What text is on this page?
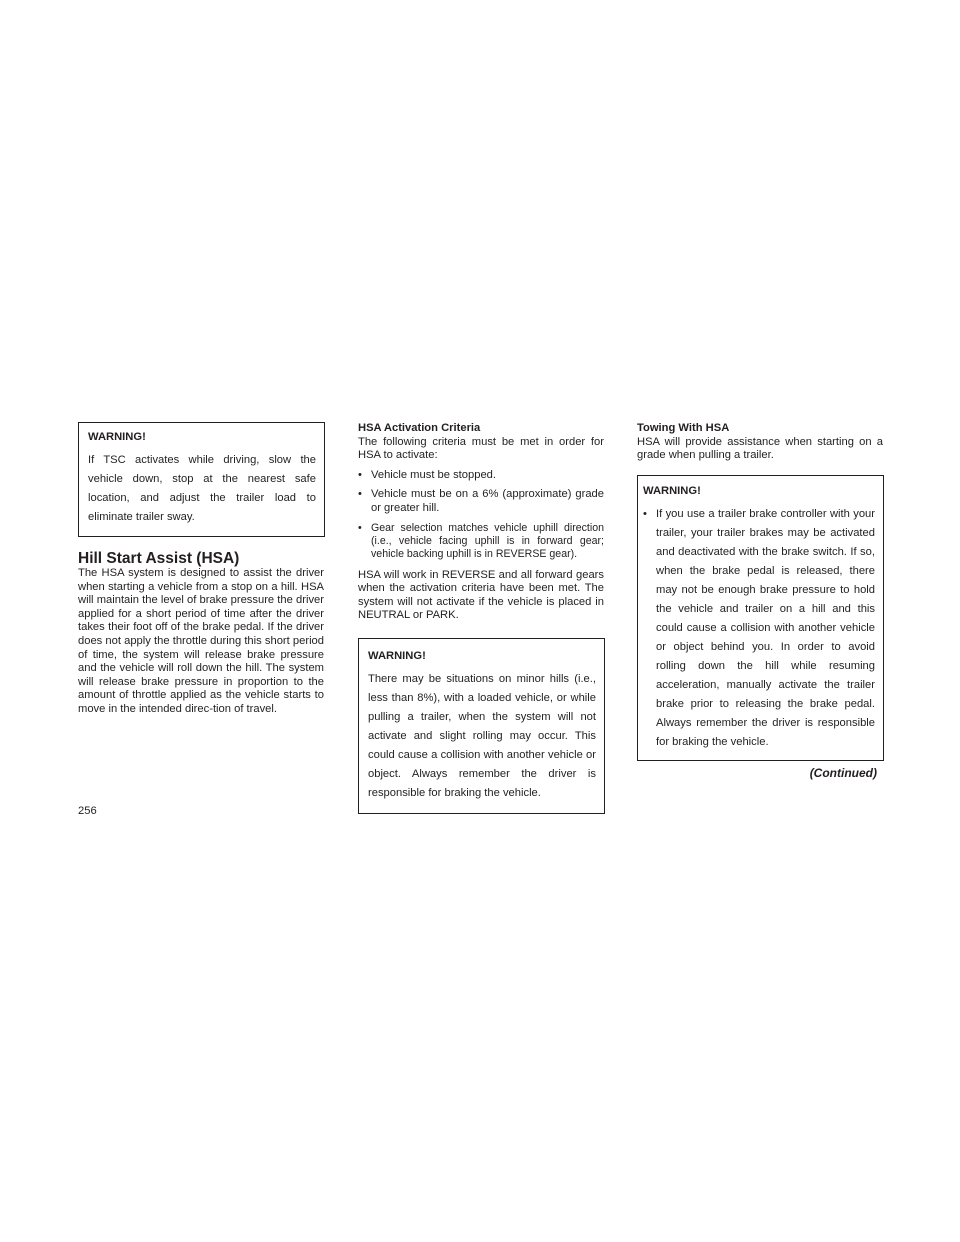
WARNING!
If TSC activates while driving, slow the vehicle down, stop at the nearest safe location, and adjust the trailer load to eliminate trailer sway.
Hill Start Assist (HSA)

The HSA system is designed to assist the driver when starting a vehicle from a stop on a hill. HSA will maintain the level of brake pressure the driver applied for a short period of time after the driver takes their foot off of the brake pedal. If the driver does not apply the throttle during this short period of time, the system will release brake pressure and the vehicle will roll down the hill. The system will release brake pressure in proportion to the amount of throttle applied as the vehicle starts to move in the intended direc-tion of travel.

HSA Activation Criteria

The following criteria must be met in order for HSA to activate:

• Vehicle must be stopped.
• Vehicle must be on a 6% (approximate) grade or greater hill.
• Gear selection matches vehicle uphill direction (i.e., vehicle facing uphill is in forward gear; vehicle backing uphill is in REVERSE gear).

HSA will work in REVERSE and all forward gears when the activation criteria have been met. The system will not activate if the vehicle is placed in NEUTRAL or PARK.

WARNING!
There may be situations on minor hills (i.e., less than 8%), with a loaded vehicle, or while pulling a trailer, when the system will not activate and slight rolling may occur. This could cause a collision with another vehicle or object. Always remember the driver is responsible for braking the vehicle.
Towing With HSA

HSA will provide assistance when starting on a grade when pulling a trailer.

WARNING!
• If you use a trailer brake controller with your trailer, your trailer brakes may be activated and deactivated with the brake switch. If so, when the brake pedal is released, there may not be enough brake pressure to hold the vehicle and trailer on a hill and this could cause a collision with another vehicle or object behind you. In order to avoid rolling down the hill while resuming acceleration, manually activate the trailer brake prior to releasing the brake pedal. Always remember the driver is responsible for braking the vehicle.
(Continued)
256
